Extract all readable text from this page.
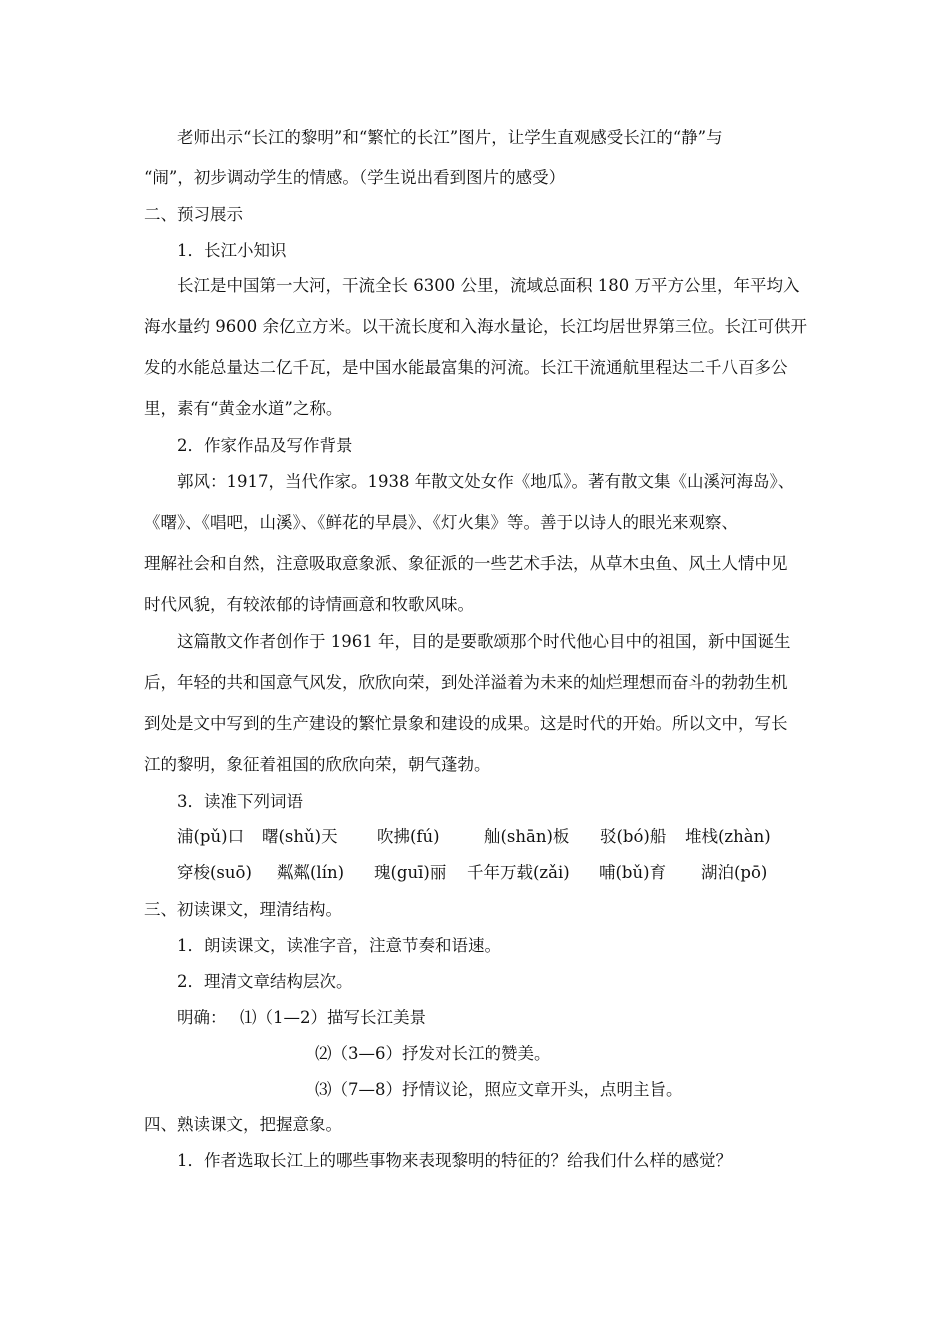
老师出示“长江的黎明”和“繁忙的长江”图片，让学生直观感受长江的“静”与
“闹”，初步调动学生的情感。（学生说出看到图片的感受）
二、预习展示
1．长江小知识
长江是中国第一大河，干流全长 6300 公里，流域总面积 180 万平方公里，年平均入
海水量约 9600 余亿立方米。以干流长度和入海水量论，长江均居世界第三位。长江可供开
发的水能总量达二亿千瓦，是中国水能最富集的河流。长江干流通航里程达二千八百多公
里，素有“黄金水道”之称。
2．作家作品及写作背景
郭风：1917，当代作家。1938 年散文处女作《地瓜》。著有散文集《山溪河海岛》、
《曙》、《唱吧，山溪》、《鲜花的早晨》、《灯火集》等。善于以诗人的眼光来观察、
理解社会和自然，注意吸取意象派、象征派的一些艺术手法，从草木虫鱼、风土人情中见
时代风貌，有较浓郁的诗情画意和牧歌风味。
这篇散文作者创作于 1961 年，目的是要歌颂那个时代他心目中的祖国，新中国诞生
后，年轻的共和国意气风发，欣欣向荣，到处洋溢着为未来的灿烂理想而奋斗的勃勃生机
到处是文中写到的生产建设的繁忙景象和建设的成果。这是时代的开始。所以文中，写长
江的黎明，象征着祖国的欣欣向荣，朝气蓬勃。
3．读准下列词语
浦(pǔ)口 曙(shǔ)天 吹拂(fú)	舢(shān)板 驳(bó)船 堆栈(zhàn)
穿梭(suō) 粼粼(lín) 瑰(guī)丽 千年万载(zǎi) 哺(bǔ)育 湖泊(pō)
三、初读课文，理清结构。
1．朗读课文，读准字音，注意节奏和语速。
2．理清文章结构层次。
明确： ⑴（1—2）描写长江美景
⑵（3—6）抒发对长江的赞美。
⑶（7—8）抒情议论，照应文章开头，点明主旨。
四、熟读课文，把握意象。
1．作者选取长江上的哪些事物来表现黎明的特征的？给我们什么样的感觉？
